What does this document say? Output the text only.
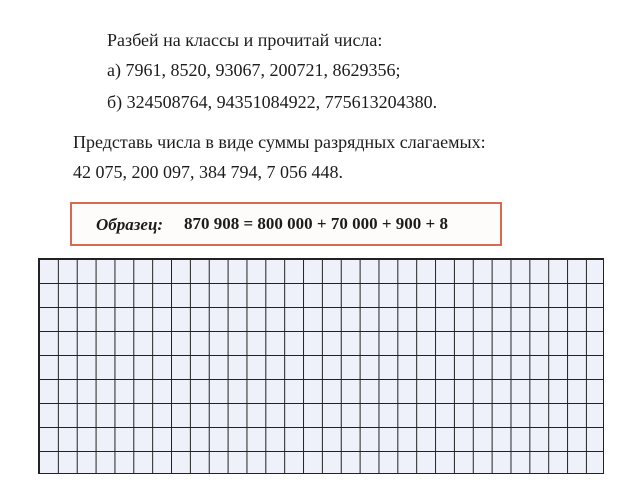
Разбей на классы и прочитай числа:
а) 7961, 8520, 93067, 200721, 8629356;
б) 324508764, 94351084922, 775613204380.
Представь числа в виде суммы разрядных слагаемых:
42 075, 200 097, 384 794, 7 056 448.
Образец: 870 908 = 800 000 + 70 000 + 900 + 8
